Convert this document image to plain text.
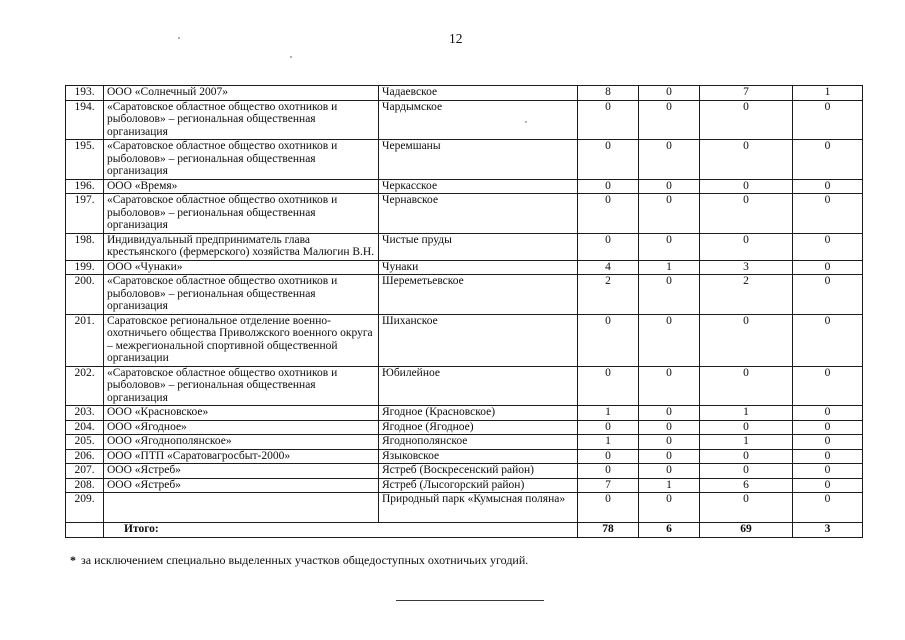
12
193.	ООО «Солнечный 2007»	Чадаевское	8	0	7	1
194.	«Саратовское областное общество охотников и рыболовов» – региональная общественная организация	Чардымское	0	0	0	0
195.	«Саратовское областное общество охотников и рыболовов» – региональная общественная организация	Черемшаны	0	0	0	0
196.	ООО «Время»	Черкасское	0	0	0	0
197.	«Саратовское областное общество охотников и рыболовов» – региональная общественная организация	Чернавское	0	0	0	0
198.	Индивидуальный предприниматель глава крестьянского (фермерского) хозяйства Малюгин В.Н.	Чистые пруды	0	0	0	0
199.	ООО «Чунаки»	Чунаки	4	1	3	0
200.	«Саратовское областное общество охотников и рыболовов» – региональная общественная организация	Шереметьевское	2	0	2	0
201.	Саратовское региональное отделение военно-охотничьего общества Приволжского военного округа – межрегиональной спортивной общественной организации	Шиханское	0	0	0	0
202.	«Саратовское областное общество охотников и рыболовов» – региональная общественная организация	Юбилейное	0	0	0	0
203.	ООО «Красновское»	Ягодное (Красновское)	1	0	1	0
204.	ООО «Ягодное»	Ягодное (Ягодное)	0	0	0	0
205.	ООО «Ягоднополянское»	Ягоднополянское	1	0	1	0
206.	ООО «ПТП «Саратовагросбыт-2000»	Языковское	0	0	0	0
207.	ООО «Ястреб»	Ястреб (Воскресенский район)	0	0	0	0
208.	ООО «Ястреб»	Ястреб (Лысогорский район)	7	1	6	0
209.		Природный парк «Кумысная поляна»	0	0	0	0
	Итого:		78	6	69	3
* за исключением специально выделенных участков общедоступных охотничьих угодий.
